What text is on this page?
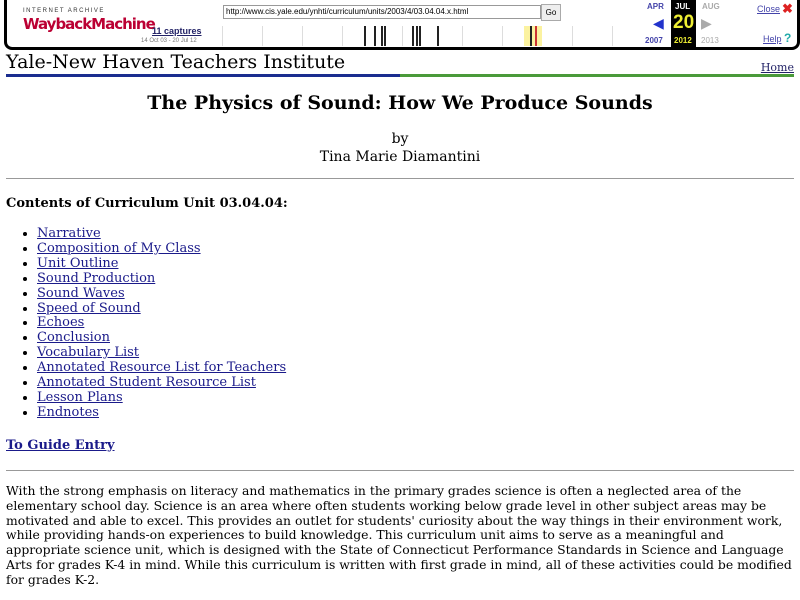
INTERNET ARCHIVE
WaybackMachine
11 captures
14 Oct 03 - 20 Jul 12
http://www.cis.yale.edu/ynhti/curriculum/units/2003/4/03.04.04.x.html	Go
APR JUL
20
2012
AUG
◀	▶
2007	2013
Close ✖
Help ?
Yale-New Haven Teachers Institute	Home
The Physics of Sound: How We Produce Sounds
by
Tina Marie Diamantini
Contents of Curriculum Unit 03.04.04:
• Narrative
• Composition of My Class
• Unit Outline
• Sound Production
• Sound Waves
• Speed of Sound
• Echoes
• Conclusion
• Vocabulary List
• Annotated Resource List for Teachers
• Annotated Student Resource List
• Lesson Plans
• Endnotes
To Guide Entry

With the strong emphasis on literacy and mathematics in the primary grades science is often a neglected area of the elementary school day. Science is an area where often students working below grade level in other subject areas may be motivated and able to excel. This provides an outlet for students' curiosity about the way things in their environment work, while providing hands-on experiences to build knowledge. This curriculum unit aims to serve as a meaningful and appropriate science unit, which is designed with the State of Connecticut Performance Standards in Science and Language Arts for grades K-4 in mind. While this curriculum is written with first grade in mind, all of these activities could be modified for grades K-2.
